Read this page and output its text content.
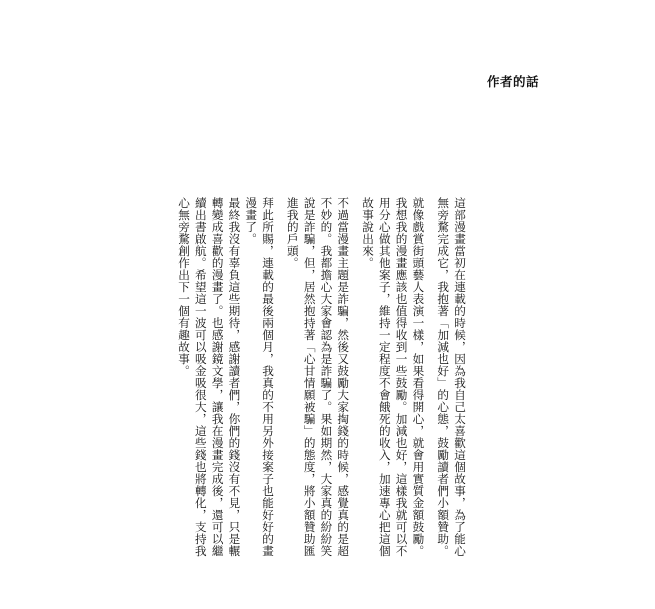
作者的話

這部漫畫當初在連載的時候，因為我自己太喜歡這個故事，為了能心無旁騖完成它，我抱著「加減也好」的心態，鼓勵讀者們小額贊助。

就像戲賞街頭藝人表演一樣，如果看得開心，就會用實質金額鼓勵。我想我的漫畫應該也值得收到一些鼓勵。加減也好，這樣我就可以不用分心做其他案子，維持一定程度不會餓死的收入，加速專心把這個故事說出來。

不過當漫畫主題是詐騙，然後又鼓勵大家掏錢的時候，感覺真的是超不妙的。我都擔心大家會認為是詐騙了。果如期然，大家真的紛紛笑說是詐騙，但，居然抱持著「心甘情願被騙」的態度，將小額贊助匯進我的戶頭。

拜此所賜，連載的最後兩個月，我真的不用另外接案子也能好好的畫漫畫了。

最終我沒有辜負這些期待，感謝讀者們，你們的錢沒有不見，只是輾轉變成喜歡的漫畫了。也感謝鏡文學，讓我在漫畫完成後，還可以繼續出書啟航。希望這一波可以吸金吸很大，這些錢也將轉化，支持我心無旁騖創作出下一個有趣故事。
